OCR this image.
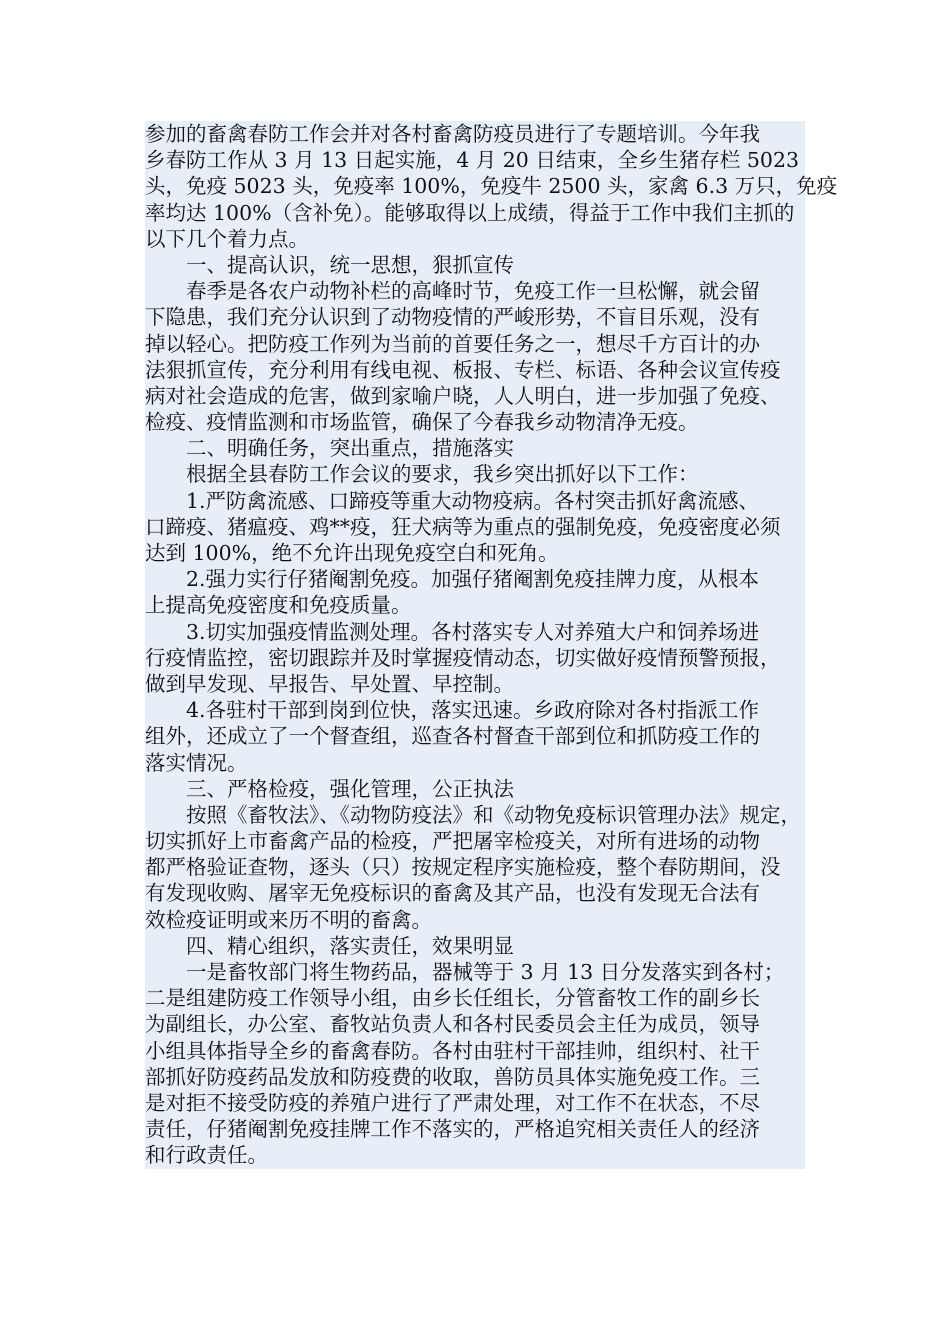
参加的畜禽春防工作会并对各村畜禽防疫员进行了专题培训。今年我
乡春防工作从 3 月 13 日起实施，4 月 20 日结束，全乡生猪存栏 5023
头，免疫 5023 头，免疫率 100%，免疫牛 2500 头，家禽 6.3 万只，免疫
率均达 100%（含补免）。能够取得以上成绩，得益于工作中我们主抓的
以下几个着力点。
一、提高认识，统一思想，狠抓宣传
春季是各农户动物补栏的高峰时节，免疫工作一旦松懈，就会留
下隐患，我们充分认识到了动物疫情的严峻形势，不盲目乐观，没有
掉以轻心。把防疫工作列为当前的首要任务之一，想尽千方百计的办
法狠抓宣传，充分利用有线电视、板报、专栏、标语、各种会议宣传疫
病对社会造成的危害，做到家喻户晓，人人明白，进一步加强了免疫、
检疫、疫情监测和市场监管，确保了今春我乡动物清净无疫。
二、明确任务，突出重点，措施落实
根据全县春防工作会议的要求，我乡突出抓好以下工作：
1.严防禽流感、口蹄疫等重大动物疫病。各村突击抓好禽流感、
口蹄疫、猪瘟疫、鸡**疫，狂犬病等为重点的强制免疫，免疫密度必须
达到 100%，绝不允许出现免疫空白和死角。
2.强力实行仔猪阉割免疫。加强仔猪阉割免疫挂牌力度，从根本
上提高免疫密度和免疫质量。
3.切实加强疫情监测处理。各村落实专人对养殖大户和饲养场进
行疫情监控，密切跟踪并及时掌握疫情动态，切实做好疫情预警预报，
做到早发现、早报告、早处置、早控制。
4.各驻村干部到岗到位快，落实迅速。乡政府除对各村指派工作
组外，还成立了一个督查组，巡查各村督查干部到位和抓防疫工作的
落实情况。
三、严格检疫，强化管理，公正执法
按照《畜牧法》、《动物防疫法》和《动物免疫标识管理办法》规定，
切实抓好上市畜禽产品的检疫，严把屠宰检疫关，对所有进场的动物
都严格验证查物，逐头（只）按规定程序实施检疫，整个春防期间，没
有发现收购、屠宰无免疫标识的畜禽及其产品，也没有发现无合法有
效检疫证明或来历不明的畜禽。
四、精心组织，落实责任，效果明显
一是畜牧部门将生物药品，器械等于 3 月 13 日分发落实到各村；
二是组建防疫工作领导小组，由乡长任组长，分管畜牧工作的副乡长
为副组长，办公室、畜牧站负责人和各村民委员会主任为成员，领导
小组具体指导全乡的畜禽春防。各村由驻村干部挂帅，组织村、社干
部抓好防疫药品发放和防疫费的收取，兽防员具体实施免疫工作。三
是对拒不接受防疫的养殖户进行了严肃处理，对工作不在状态，不尽
责任，仔猪阉割免疫挂牌工作不落实的，严格追究相关责任人的经济
和行政责任。
